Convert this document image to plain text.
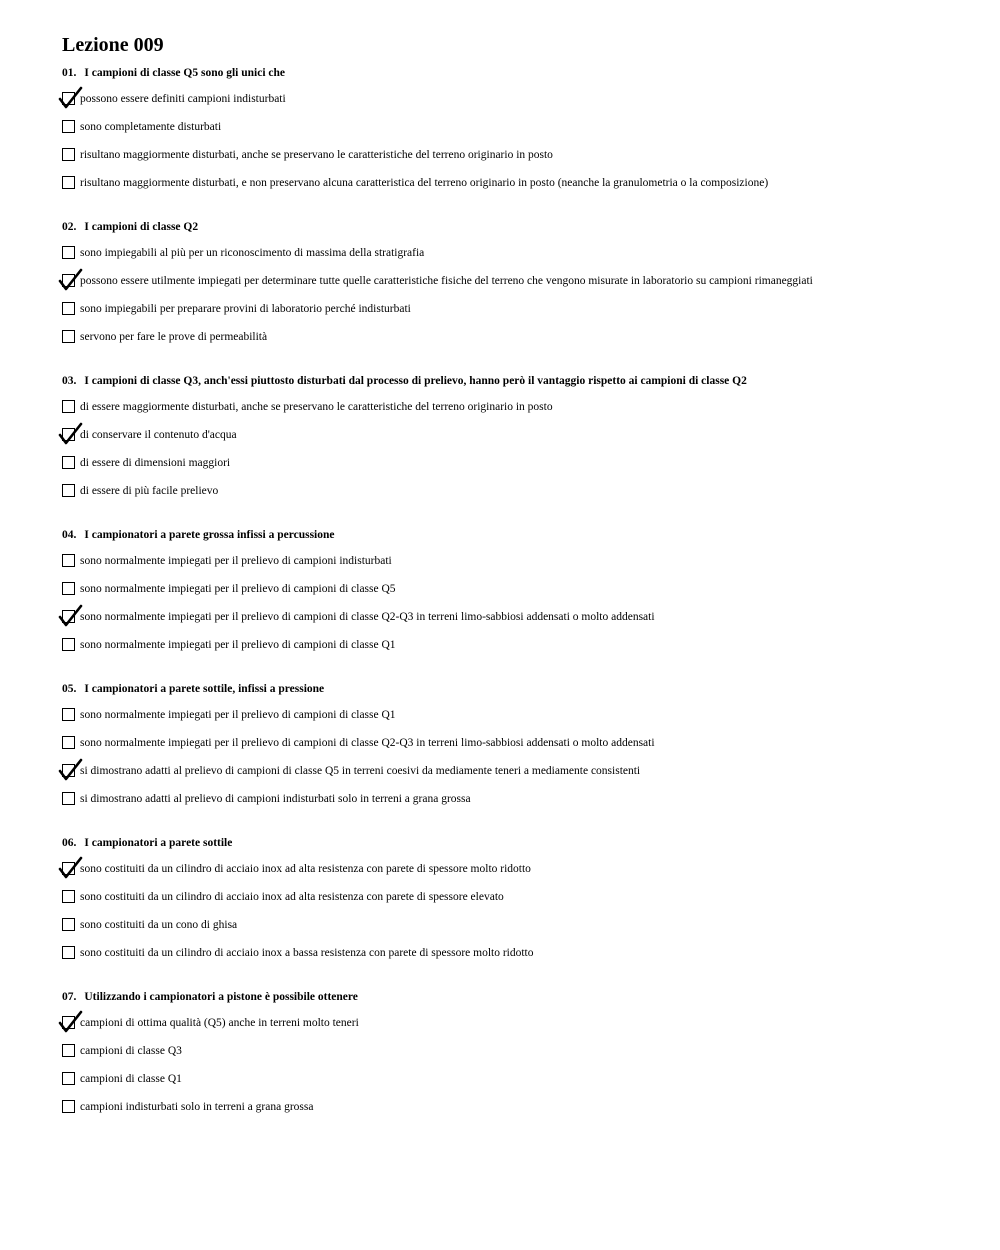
Lezione 009
01. I campioni di classe Q5 sono gli unici che
possono essere definiti campioni indisturbati
sono completamente disturbati
risultano maggiormente disturbati, anche se preservano le caratteristiche del terreno originario in posto
risultano maggiormente disturbati, e non preservano alcuna caratteristica del terreno originario in posto (neanche la granulometria o la composizione)
02. I campioni di classe Q2
sono impiegabili al più per un riconoscimento di massima della stratigrafia
possono essere utilmente impiegati per determinare tutte quelle caratteristiche fisiche del terreno che vengono misurate in laboratorio su campioni rimaneggiati
sono impiegabili per preparare provini di laboratorio perché indisturbati
servono per fare le prove di permeabilità
03. I campioni di classe Q3, anch'essi piuttosto disturbati dal processo di prelievo, hanno però il vantaggio rispetto ai campioni di classe Q2
di essere maggiormente disturbati, anche se preservano le caratteristiche del terreno originario in posto
di conservare il contenuto d'acqua
di essere di dimensioni maggiori
di essere di più facile prelievo
04. I campionatori a parete grossa infissi a percussione
sono normalmente impiegati per il prelievo di campioni indisturbati
sono normalmente impiegati per il prelievo di campioni di classe Q5
sono normalmente impiegati per il prelievo di campioni di classe Q2-Q3 in terreni limo-sabbiosi addensati o molto addensati
sono normalmente impiegati per il prelievo di campioni di classe Q1
05. I campionatori a parete sottile, infissi a pressione
sono normalmente impiegati per il prelievo di campioni di classe Q1
sono normalmente impiegati per il prelievo di campioni di classe Q2-Q3 in terreni limo-sabbiosi addensati o molto addensati
si dimostrano adatti al prelievo di campioni di classe Q5 in terreni coesivi da mediamente teneri a mediamente consistenti
si dimostrano adatti al prelievo di campioni indisturbati solo in terreni a grana grossa
06. I campionatori a parete sottile
sono costituiti da un cilindro di acciaio inox ad alta resistenza con parete di spessore molto ridotto
sono costituiti da un cilindro di acciaio inox ad alta resistenza con parete di spessore elevato
sono costituiti da un cono di ghisa
sono costituiti da un cilindro di acciaio inox a bassa resistenza con parete di spessore molto ridotto
07. Utilizzando i campionatori a pistone è possibile ottenere
campioni di ottima qualità (Q5) anche in terreni molto teneri
campioni di classe Q3
campioni di classe Q1
campioni indisturbati solo in terreni a grana grossa
